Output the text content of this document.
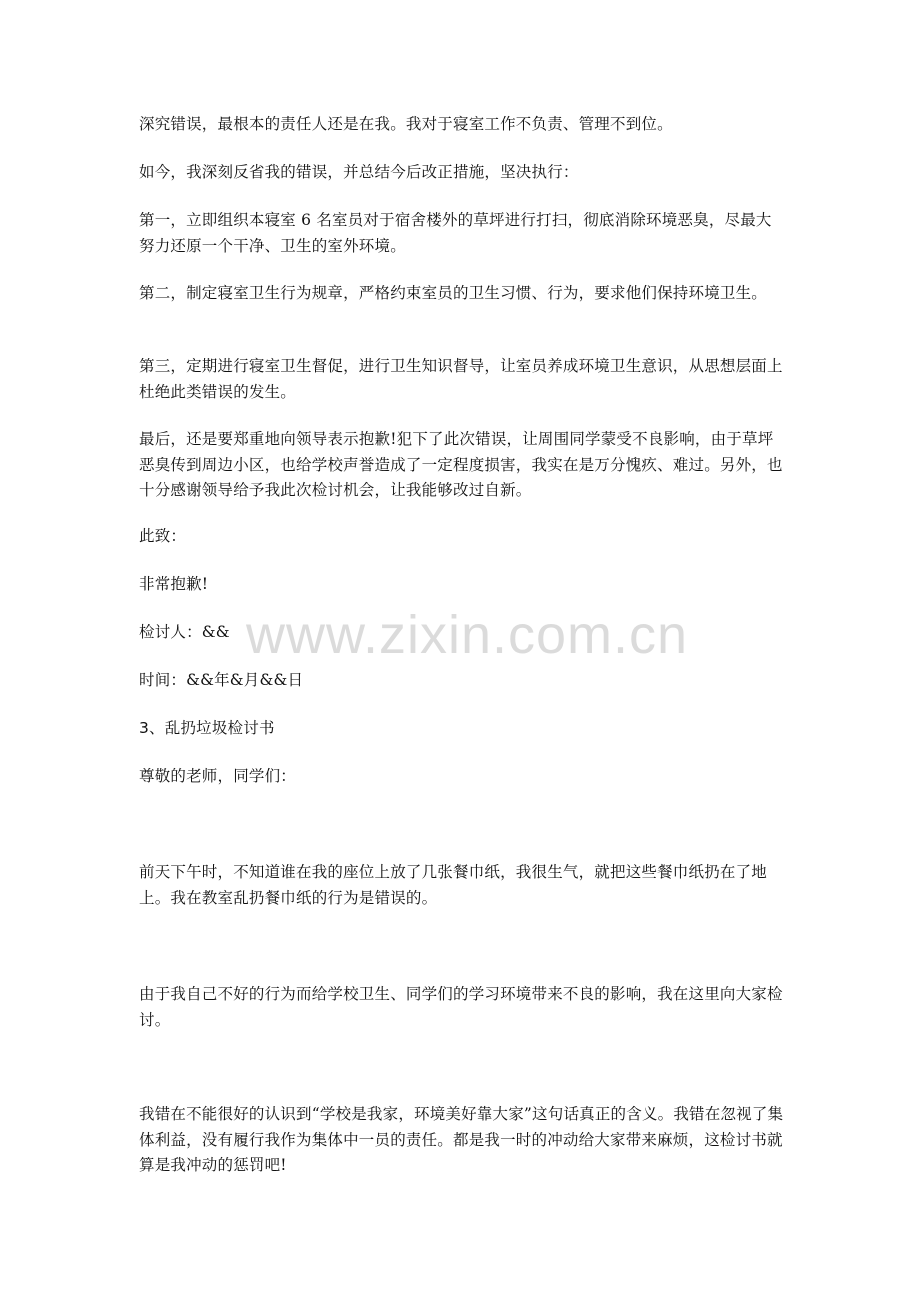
深究错误，最根本的责任人还是在我。我对于寝室工作不负责、管理不到位。

如今，我深刻反省我的错误，并总结今后改正措施，坚决执行：

第一，立即组织本寝室 6 名室员对于宿舍楼外的草坪进行打扫，彻底消除环境恶臭，尽最大努力还原一个干净、卫生的室外环境。

第二，制定寝室卫生行为规章，严格约束室员的卫生习惯、行为，要求他们保持环境卫生。

第三，定期进行寝室卫生督促，进行卫生知识督导，让室员养成环境卫生意识，从思想层面上杜绝此类错误的发生。

最后，还是要郑重地向领导表示抱歉!犯下了此次错误，让周围同学蒙受不良影响，由于草坪恶臭传到周边小区，也给学校声誉造成了一定程度损害，我实在是万分愧疚、难过。另外，也十分感谢领导给予我此次检讨机会，让我能够改过自新。

此致：

非常抱歉!

检讨人：&&

时间：&&年&月&&日

3、乱扔垃圾检讨书

尊敬的老师，同学们：

前天下午时，不知道谁在我的座位上放了几张餐巾纸，我很生气，就把这些餐巾纸扔在了地上。我在教室乱扔餐巾纸的行为是错误的。

由于我自己不好的行为而给学校卫生、同学们的学习环境带来不良的影响，我在这里向大家检讨。

我错在不能很好的认识到“学校是我家，环境美好靠大家”这句话真正的含义。我错在忽视了集体利益，没有履行我作为集体中一员的责任。都是我一时的冲动给大家带来麻烦，这检讨书就算是我冲动的惩罚吧!

www.zixin.com.cn
